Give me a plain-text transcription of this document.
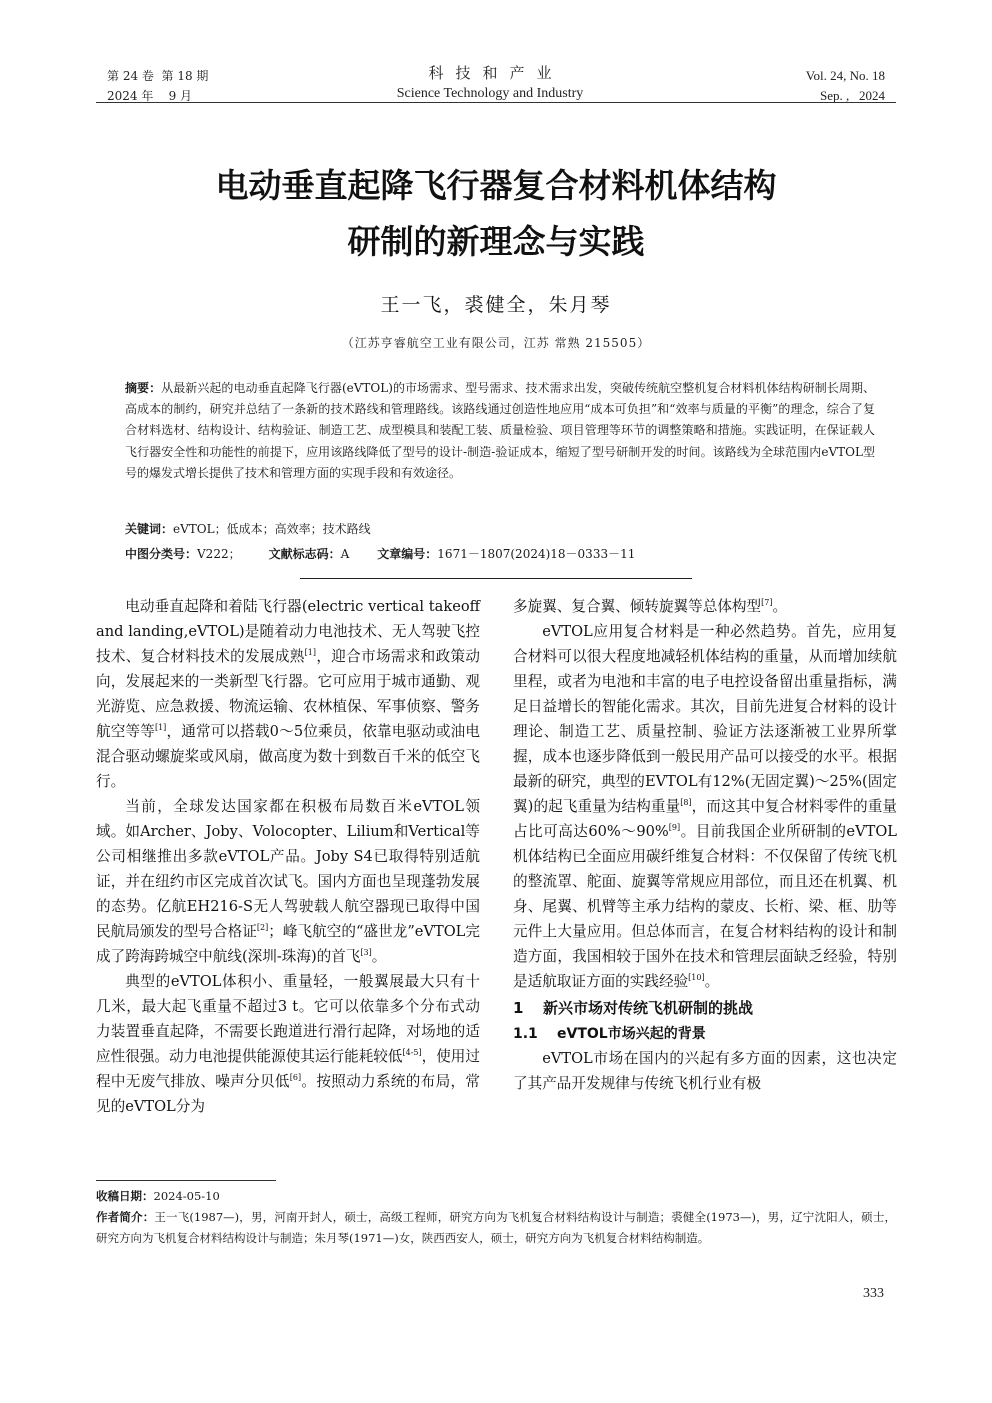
第 24 卷  第 18 期
2024 年    9 月
科技和产业
Science Technology and Industry
Vol. 24, No. 18
Sep. ,   2024
电动垂直起降飞行器复合材料机体结构
研制的新理念与实践
王一飞，裘健全，朱月琴
（江苏亨睿航空工业有限公司，江苏 常熟 215505）
摘要：从最新兴起的电动垂直起降飞行器(eVTOL)的市场需求、型号需求、技术需求出发，突破传统航空整机复合材料机体结构研制长周期、高成本的制约，研究并总结了一条新的技术路线和管理路线。该路线通过创造性地应用“成本可负担”和“效率与质量的平衡”的理念，综合了复合材料选材、结构设计、结构验证、制造工艺、成型模具和装配工装、质量检验、项目管理等环节的调整策略和措施。实践证明，在保证载人飞行器安全性和功能性的前提下，应用该路线降低了型号的设计-制造-验证成本，缩短了型号研制开发的时间。该路线为全球范围内eVTOL型号的爆发式增长提供了技术和管理方面的实现手段和有效途径。
关键词：eVTOL；低成本；高效率；技术路线
中图分类号：V222； 文献标志码：A 文章编号：1671－1807(2024)18－0333－11

电动垂直起降和着陆飞行器(electric vertical takeoff and landing,eVTOL)是随着动力电池技术、无人驾驶飞控技术、复合材料技术的发展成熟[1]，迎合市场需求和政策动向，发展起来的一类新型飞行器。它可应用于城市通勤、观光游览、应急救援、物流运输、农林植保、军事侦察、警务航空等等[1]，通常可以搭载0～5位乘员，依靠电驱动或油电混合驱动螺旋桨或风扇，做高度为数十到数百千米的低空飞行。

当前，全球发达国家都在积极布局数百米eVTOL领域。如Archer、Joby、Volocopter、Lilium和Vertical等公司相继推出多款eVTOL产品。Joby S4已取得特别适航证，并在纽约市区完成首次试飞。国内方面也呈现蓬勃发展的态势。亿航EH216-S无人驾驶载人航空器现已取得中国民航局颁发的型号合格证[2]；峰飞航空的“盛世龙”eVTOL完成了跨海跨城空中航线(深圳-珠海)的首飞[3]。

典型的eVTOL体积小、重量轻，一般翼展最大只有十几米，最大起飞重量不超过3 t。它可以依靠多个分布式动力装置垂直起降，不需要长跑道进行滑行起降，对场地的适应性很强。动力电池提供能源使其运行能耗较低[4-5]，使用过程中无废气排放、噪声分贝低[6]。按照动力系统的布局，常见的eVTOL分为

多旋翼、复合翼、倾转旋翼等总体构型[7]。

eVTOL应用复合材料是一种必然趋势。首先，应用复合材料可以很大程度地减轻机体结构的重量，从而增加续航里程，或者为电池和丰富的电子电控设备留出重量指标，满足日益增长的智能化需求。其次，目前先进复合材料的设计理论、制造工艺、质量控制、验证方法逐渐被工业界所掌握，成本也逐步降低到一般民用产品可以接受的水平。根据最新的研究，典型的EVTOL有12%(无固定翼)～25%(固定翼)的起飞重量为结构重量[8]，而这其中复合材料零件的重量占比可高达60%～90%[9]。目前我国企业所研制的eVTOL机体结构已全面应用碳纤维复合材料：不仅保留了传统飞机的整流罩、舵面、旋翼等常规应用部位，而且还在机翼、机身、尾翼、机臂等主承力结构的蒙皮、长桁、梁、框、肋等元件上大量应用。但总体而言，在复合材料结构的设计和制造方面，我国相较于国外在技术和管理层面缺乏经验，特别是适航取证方面的实践经验[10]。

1 新兴市场对传统飞机研制的挑战
1.1 eVTOL市场兴起的背景

eVTOL市场在国内的兴起有多方面的因素，这也决定了其产品开发规律与传统飞机行业有极

收稿日期：2024-05-10
作者简介：王一飞(1987—)，男，河南开封人，硕士，高级工程师，研究方向为飞机复合材料结构设计与制造；裘健全(1973—)，男，辽宁沈阳人，硕士，研究方向为飞机复合材料结构设计与制造；朱月琴(1971—)女，陕西西安人，硕士，研究方向为飞机复合材料结构制造。
333
